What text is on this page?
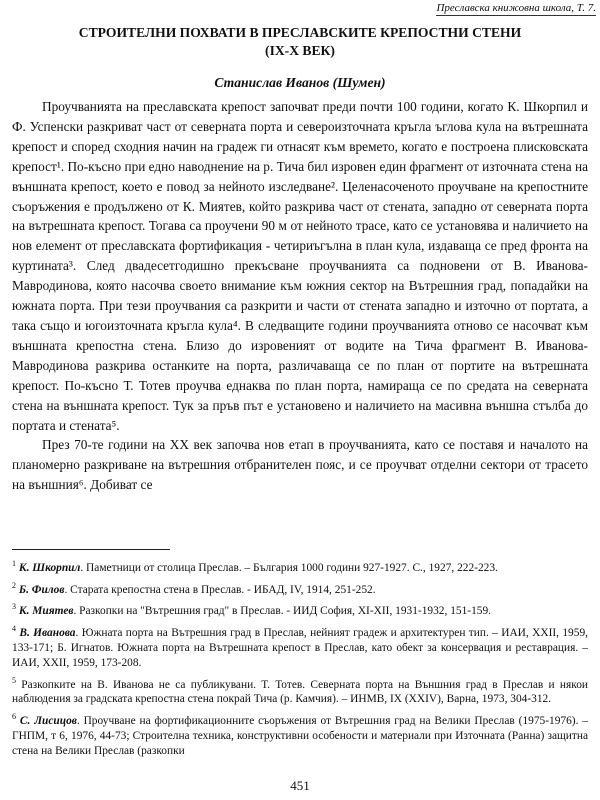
Преславска книжовна школа, Т. 7.
СТРОИТЕЛНИ ПОХВАТИ В ПРЕСЛАВСКИТЕ КРЕПОСТНИ СТЕНИ
(IX-X ВЕК)
Станислав Иванов (Шумен)

Проучванията на преславската крепост започват преди почти 100 години, когато К. Шкорпил и Ф. Успенски разкриват част от северната порта и североизточната кръгла ъглова кула на вътрешната крепост и според сходния начин на градеж ги отнасят към времето, когато е построена плисковската крепост¹. По-късно при едно наводнение на р. Тича бил изровен един фрагмент от източната стена на външната крепост, което е повод за нейното изследване². Целенасоченото проучване на крепостните съоръжения е продължено от К. Миятев, който разкрива част от стената, западно от северната порта на вътрешната крепост. Тогава са проучени 90 м от нейното трасе, като се установява и наличието на нов елемент от преславската фортификация - четириъгълна в план кула, издаваща се пред фронта на куртината³. След двадесетгодишно прекъсване проучванията са подновени от В. Иванова-Мавродинова, която насочва своето внимание към южния сектор на Вътрешния град, попадайки на южната порта. При тези проучвания са разкрити и части от стената западно и източно от портата, а така също и югоизточната кръгла кула⁴. В следващите години проучванията отново се насочват към външната крепостна стена. Близо до изровеният от водите на Тича фрагмент В. Иванова-Мавродинова разкрива останките на порта, различаваща се по план от портите на вътрешната крепост. По-късно Т. Тотев проучва еднаква по план порта, намираща се по средата на северната стена на външната крепост. Тук за пръв път е установено и наличието на масивна външна стълба до портата и стената⁵.

През 70-те години на XX век започва нов етап в проучванията, като се поставя и началото на планомерно разкриване на вътрешния отбранителен пояс, и се проучват отделни сектори от трасето на външния⁶. Добиват се

$^1$ К. Шкорпил. Паметници от столица Преслав. – България 1000 години 927-1927. С., 1927, 222-223.
$^2$ Б. Филов. Старата крепостна стена в Преслав. - ИБАД, IV, 1914, 251-252.
$^3$ К. Миятев. Разкопки на "Вътрешния град" в Преслав. - ИИД София, XI-XII, 1931-1932, 151-159.
$^4$ В. Иванова. Южната порта на Вътрешния град в Преслав, нейният градеж и архитектурен тип. – ИАИ, XXII, 1959, 133-171; Б. Игнатов. Южната порта на Вътрешната крепост в Преслав, като обект за консервация и реставрация. – ИАИ, XXII, 1959, 173-208.
$^5$ Разкопките на В. Иванова не са публикувани. Т. Тотев. Северната порта на Външния град в Преслав и някои наблюдения за градската крепостна стена покрай Тича (р. Камчия). – ИНМВ, IX (XXIV), Варна, 1973, 304-312.
$^6$ С. Лисицов. Проучване на фортификационните съоръжения от Вътрешния град на Велики Преслав (1975-1976). – ГНПМ, т 6, 1976, 44-73; Строителна техника, конструктивни особености и материали при Източната (Ранна) защитна стена на Велики Преслав (разкопки
451
